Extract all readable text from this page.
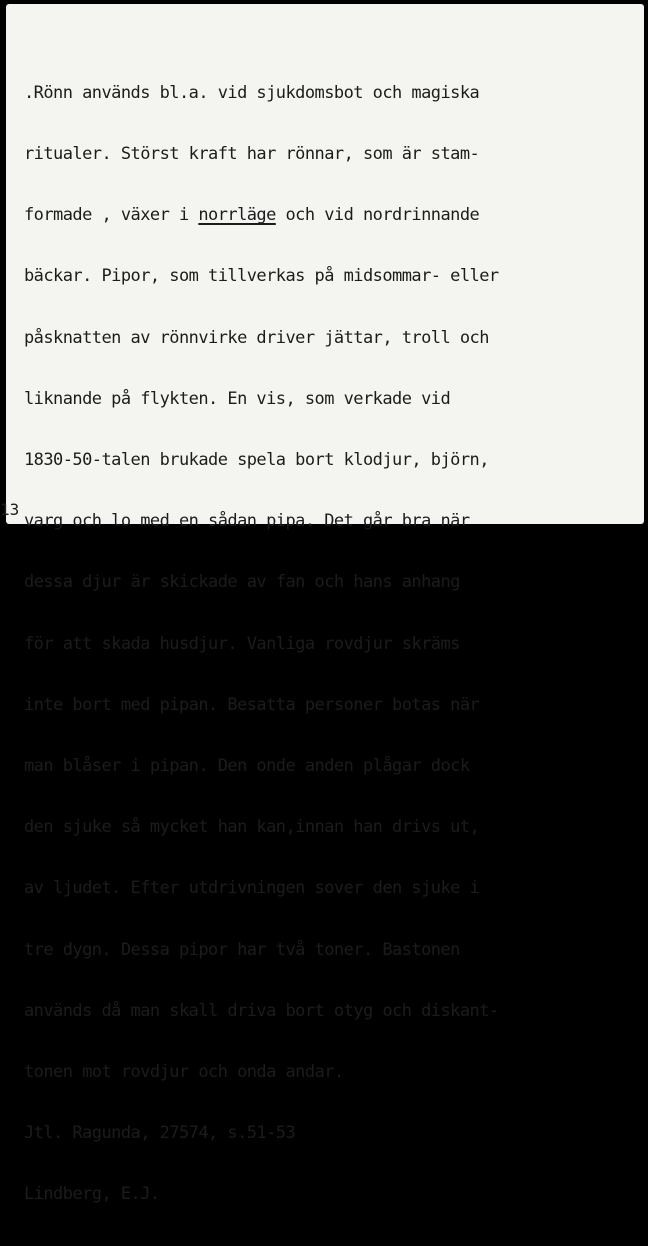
.Rönn används bl.a. vid sjukdomsbot och magiska

ritualer. Störst kraft har rönnar, som är stam-

formade , växer i norrläge och vid nordrinnande

bäckar. Pipor, som tillverkas på midsommar- eller

påsknatten av rönnvirke driver jättar, troll och

liknande på flykten. En vis, som verkade vid

1830-50-talen brukade spela bort klodjur, björn,

varg och lo med en sådan pipa. Det går bra när

dessa djur är skickade av fan och hans anhang

för att skada husdjur. Vanliga rovdjur skräms

inte bort med pipan. Besatta personer botas när

man blåser i pipan. Den onde anden plågar dock

den sjuke så mycket han kan,innan han drivs ut,

av ljudet. Efter utdrivningen sover den sjuke i

tre dygn. Dessa pipor har två toner. Bastonen

används då man skall driva bort otyg och diskant-

tonen mot rovdjur och onda andar.

Jtl. Ragunda, 27574, s.51-53

Lindberg, E.J.

13
